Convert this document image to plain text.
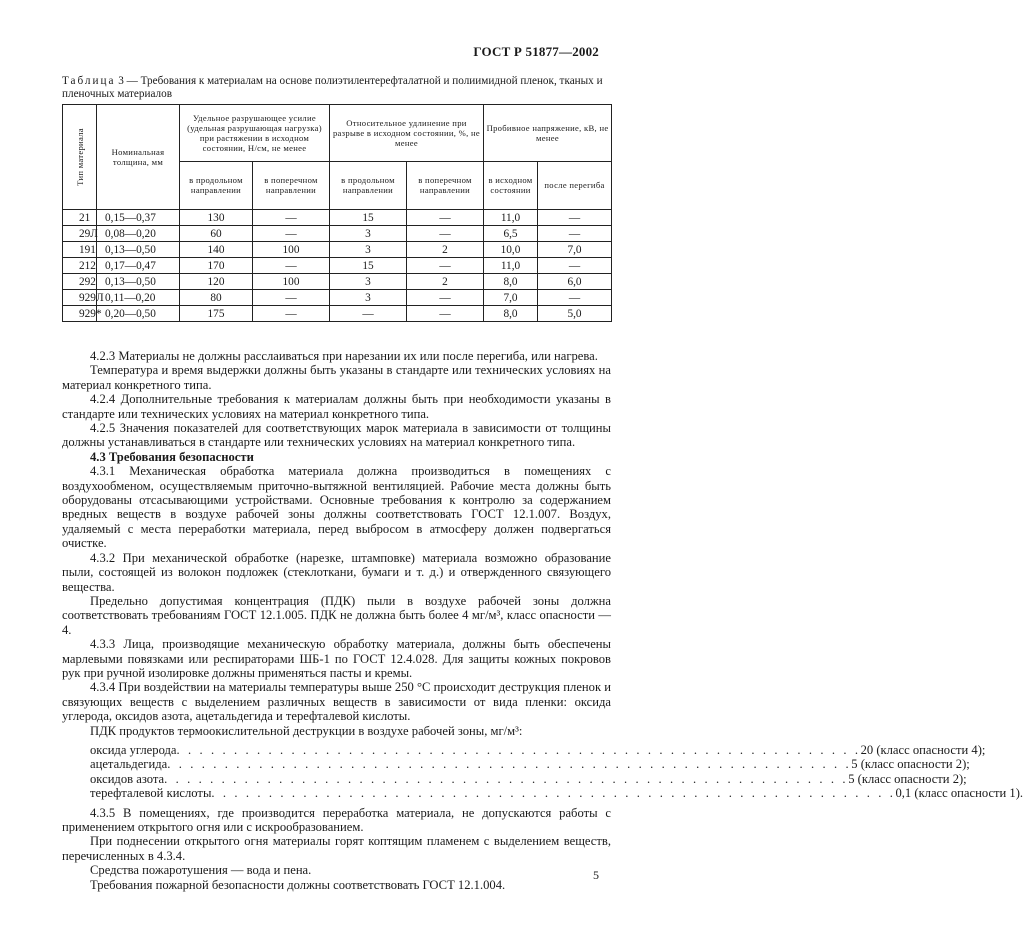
ГОСТ Р 51877—2002
Таблица 3 — Требования к материалам на основе полиэтилентерефталатной и полиимидной пленок, тканых и пленочных материалов
Тип материала	Номинальная толщина, мм	Удельное разрушающее усилие (удельная разрушающая нагрузка) при растяжении в исходном состоянии, Н/см, не менее		Относительное удлинение при разрыве в исходном состоянии, %, не менее		Пробивное напряжение, кВ, не менее	
		в продольном направлении	в поперечном направлении	в продольном направлении	в поперечном направлении	в исходном состоянии	после перегиба
21	0,15—0,37	130	—	15	—	11,0	—
29Л	0,08—0,20	60	—	3	—	6,5	—
191	0,13—0,50	140	100	3	2	10,0	7,0
212	0,17—0,47	170	—	15	—	11,0	—
292	0,13—0,50	120	100	3	2	8,0	6,0
929Л	0,11—0,20	80	—	3	—	7,0	—
929*	0,20—0,50	175	—	—	—	8,0	5,0

4.2.3 Материалы не должны расслаиваться при нарезании их или после перегиба, или нагрева.

Температура и время выдержки должны быть указаны в стандарте или технических условиях на материал конкретного типа.

4.2.4 Дополнительные требования к материалам должны быть при необходимости указаны в стандарте или технических условиях на материал конкретного типа.

4.2.5 Значения показателей для соответствующих марок материала в зависимости от толщины должны устанавливаться в стандарте или технических условиях на материал конкретного типа.

4.3 Требования безопасности

4.3.1 Механическая обработка материала должна производиться в помещениях с воздухообменом, осуществляемым приточно-вытяжной вентиляцией. Рабочие места должны быть оборудованы отсасывающими устройствами. Основные требования к контролю за содержанием вредных веществ в воздухе рабочей зоны должны соответствовать ГОСТ 12.1.007. Воздух, удаляемый с места переработки материала, перед выбросом в атмосферу должен подвергаться очистке.

4.3.2 При механической обработке (нарезке, штамповке) материала возможно образование пыли, состоящей из волокон подложек (стеклоткани, бумаги и т. д.) и отвержденного связующего вещества.

Предельно допустимая концентрация (ПДК) пыли в воздухе рабочей зоны должна соответствовать требованиям ГОСТ 12.1.005. ПДК не должна быть более 4 мг/м³, класс опасности — 4.

4.3.3 Лица, производящие механическую обработку материала, должны быть обеспечены марлевыми повязками или респираторами ШБ-1 по ГОСТ 12.4.028. Для защиты кожных покровов рук при ручной изолировке должны применяться пасты и кремы.

4.3.4 При воздействии на материалы температуры выше 250 °С происходит деструкция пленок и связующих веществ с выделением различных веществ в зависимости от вида пленки: оксида углерода, оксидов азота, ацетальдегида и терефталевой кислоты.

ПДК продуктов термоокислительной деструкции в воздухе рабочей зоны, мг/м³:

оксида углерода . . . . . . . . . . . . . . . . . . . . . . . . . . . . . . . . . . . . . . . . . . . . . . . . . . . . . . . . . . . . 20 (класс опасности 4);
ацетальдегида . . . . . . . . . . . . . . . . . . . . . . . . . . . . . . . . . . . . . . . . . . . . . . . . . . . . . . . . . . . . 5 (класс опасности 2);
оксидов азота . . . . . . . . . . . . . . . . . . . . . . . . . . . . . . . . . . . . . . . . . . . . . . . . . . . . . . . . . . . . 5 (класс опасности 2);
терефталевой кислоты . . . . . . . . . . . . . . . . . . . . . . . . . . . . . . . . . . . . . . . . . . . . . . . . . . . . . . . . . . . . 0,1 (класс опасности 1).

4.3.5 В помещениях, где производится переработка материала, не допускаются работы с применением открытого огня или с искрообразованием.

При поднесении открытого огня материалы горят коптящим пламенем с выделением веществ, перечисленных в 4.3.4.

Средства пожаротушения — вода и пена.

Требования пожарной безопасности должны соответствовать ГОСТ 12.1.004.

5
